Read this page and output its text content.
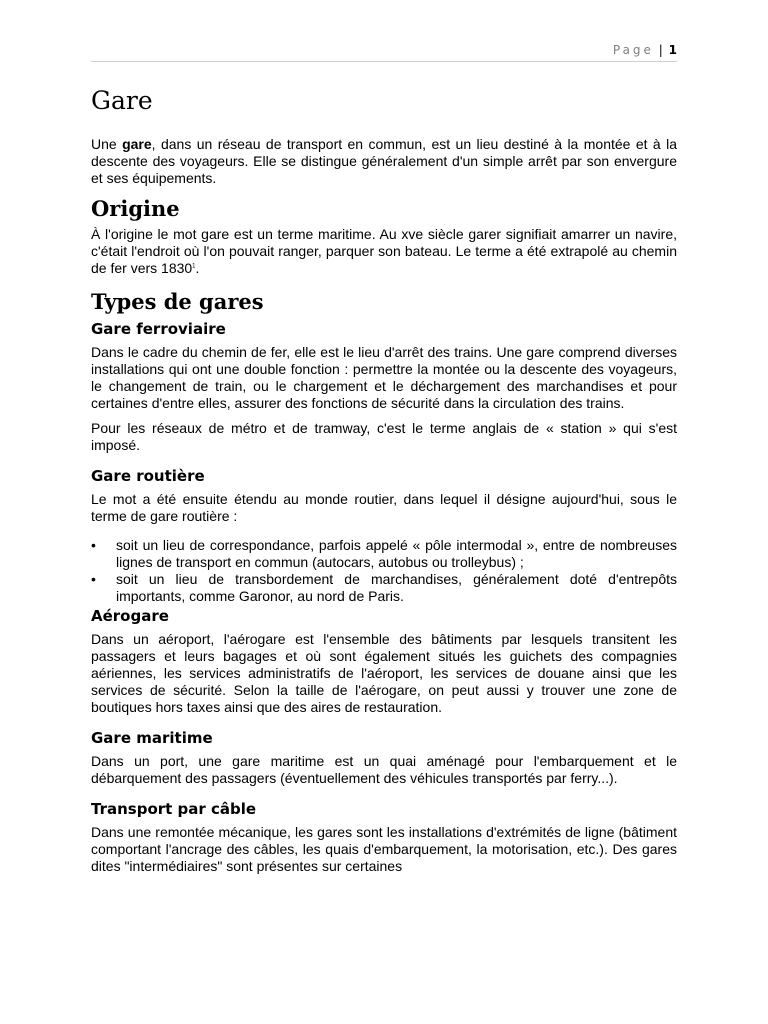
Page | 1
Gare

Une gare, dans un réseau de transport en commun, est un lieu destiné à la montée et à la descente des voyageurs. Elle se distingue généralement d'un simple arrêt par son envergure et ses équipements.

Origine

À l'origine le mot gare est un terme maritime. Au xve siècle garer signifiait amarrer un navire, c'était l'endroit où l'on pouvait ranger, parquer son bateau. Le terme a été extrapolé au chemin de fer vers 1830$^1$.

Types de gares
Gare ferroviaire

Dans le cadre du chemin de fer, elle est le lieu d'arrêt des trains. Une gare comprend diverses installations qui ont une double fonction : permettre la montée ou la descente des voyageurs, le changement de train, ou le chargement et le déchargement des marchandises et pour certaines d'entre elles, assurer des fonctions de sécurité dans la circulation des trains.

Pour les réseaux de métro et de tramway, c'est le terme anglais de « station » qui s'est imposé.

Gare routière

Le mot a été ensuite étendu au monde routier, dans lequel il désigne aujourd'hui, sous le terme de gare routière :

• soit un lieu de correspondance, parfois appelé « pôle intermodal », entre de nombreuses lignes de transport en commun (autocars, autobus ou trolleybus) ;
• soit un lieu de transbordement de marchandises, généralement doté d'entrepôts importants, comme Garonor, au nord de Paris.
Aérogare

Dans un aéroport, l'aérogare est l'ensemble des bâtiments par lesquels transitent les passagers et leurs bagages et où sont également situés les guichets des compagnies aériennes, les services administratifs de l'aéroport, les services de douane ainsi que les services de sécurité. Selon la taille de l'aérogare, on peut aussi y trouver une zone de boutiques hors taxes ainsi que des aires de restauration.

Gare maritime

Dans un port, une gare maritime est un quai aménagé pour l'embarquement et le débarquement des passagers (éventuellement des véhicules transportés par ferry...).

Transport par câble

Dans une remontée mécanique, les gares sont les installations d'extrémités de ligne (bâtiment comportant l'ancrage des câbles, les quais d'embarquement, la motorisation, etc.). Des gares dites "intermédiaires" sont présentes sur certaines
